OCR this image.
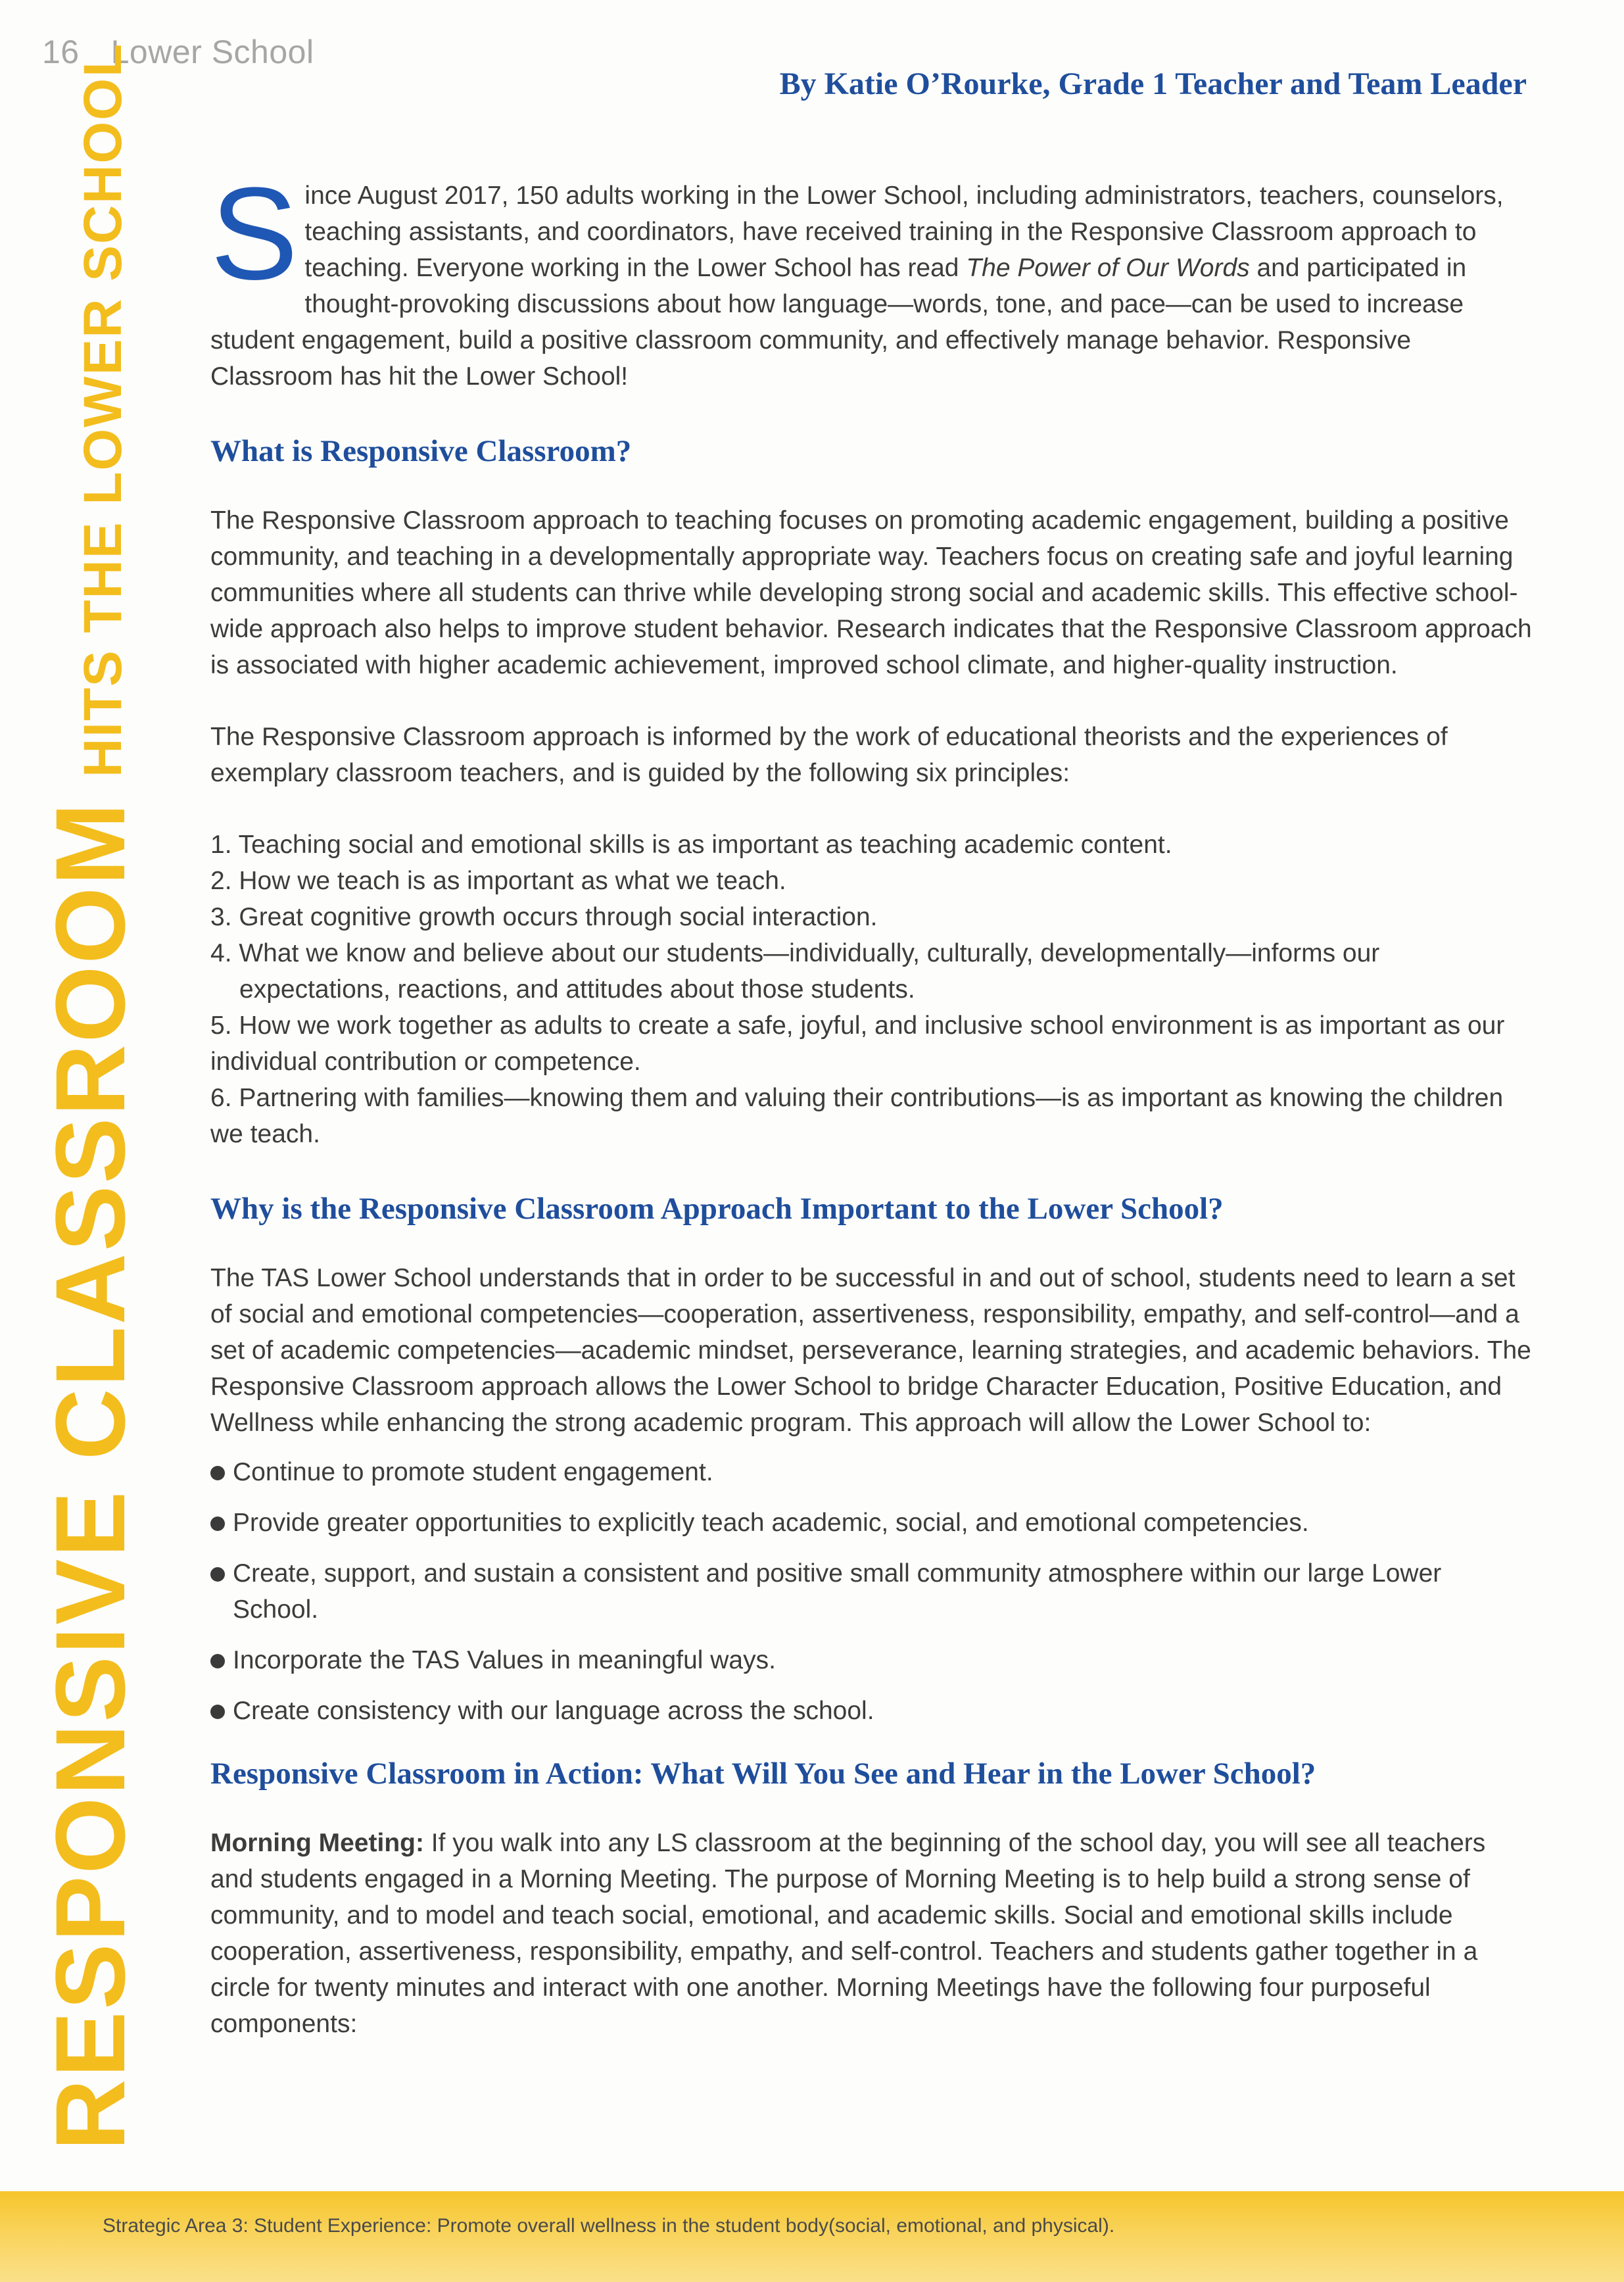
16 Lower School
By Katie O’Rourke, Grade 1 Teacher and Team Leader
RESPONSIVE CLASSROOM
HITS THE LOWER SCHOOL Since August 2017, 150 adults working in the Lower School, including administrators, teachers, counselors, teaching assistants, and coordinators, have received training in the Responsive Classroom approach to teaching. Everyone working in the Lower School has read The Power of Our Words and participated in thought-provoking discussions about how language—words, tone, and pace—can be used to increase student engagement, build a positive classroom community, and effectively manage behavior. Responsive Classroom has hit the Lower School!

What is Responsive Classroom?

The Responsive Classroom approach to teaching focuses on promoting academic engagement, building a positive community, and teaching in a developmentally appropriate way. Teachers focus on creating safe and joyful learning communities where all students can thrive while developing strong social and academic skills. This effective school-wide approach also helps to improve student behavior. Research indicates that the Responsive Classroom approach is associated with higher academic achievement, improved school climate, and higher-quality instruction.

The Responsive Classroom approach is informed by the work of educational theorists and the experiences of exemplary classroom teachers, and is guided by the following six principles:

1. Teaching social and emotional skills is as important as teaching academic content.
2. How we teach is as important as what we teach.
3. Great cognitive growth occurs through social interaction.
4. What we know and believe about our students—individually, culturally, developmentally—informs our
expectations, reactions, and attitudes about those students.
5. How we work together as adults to create a safe, joyful, and inclusive school environment is as important as our individual contribution or competence.
6. Partnering with families—knowing them and valuing their contributions—is as important as knowing the children we teach.
Why is the Responsive Classroom Approach Important to the Lower School?

The TAS Lower School understands that in order to be successful in and out of school, students need to learn a set of social and emotional competencies—cooperation, assertiveness, responsibility, empathy, and self-control—and a set of academic competencies—academic mindset, perseverance, learning strategies, and academic behaviors. The Responsive Classroom approach allows the Lower School to bridge Character Education, Positive Education, and Wellness while enhancing the strong academic program. This approach will allow the Lower School to:

Continue to promote student engagement.
Provide greater opportunities to explicitly teach academic, social, and emotional competencies.
Create, support, and sustain a consistent and positive small community atmosphere within our large Lower School.
Incorporate the TAS Values in meaningful ways.
Create consistency with our language across the school.
Responsive Classroom in Action: What Will You See and Hear in the Lower School?

Morning Meeting: If you walk into any LS classroom at the beginning of the school day, you will see all teachers and students engaged in a Morning Meeting. The purpose of Morning Meeting is to help build a strong sense of community, and to model and teach social, emotional, and academic skills. Social and emotional skills include cooperation, assertiveness, responsibility, empathy, and self-control. Teachers and students gather together in a circle for twenty minutes and interact with one another. Morning Meetings have the following four purposeful components:

Strategic Area 3: Student Experience: Promote overall wellness in the student body(social, emotional, and physical).
